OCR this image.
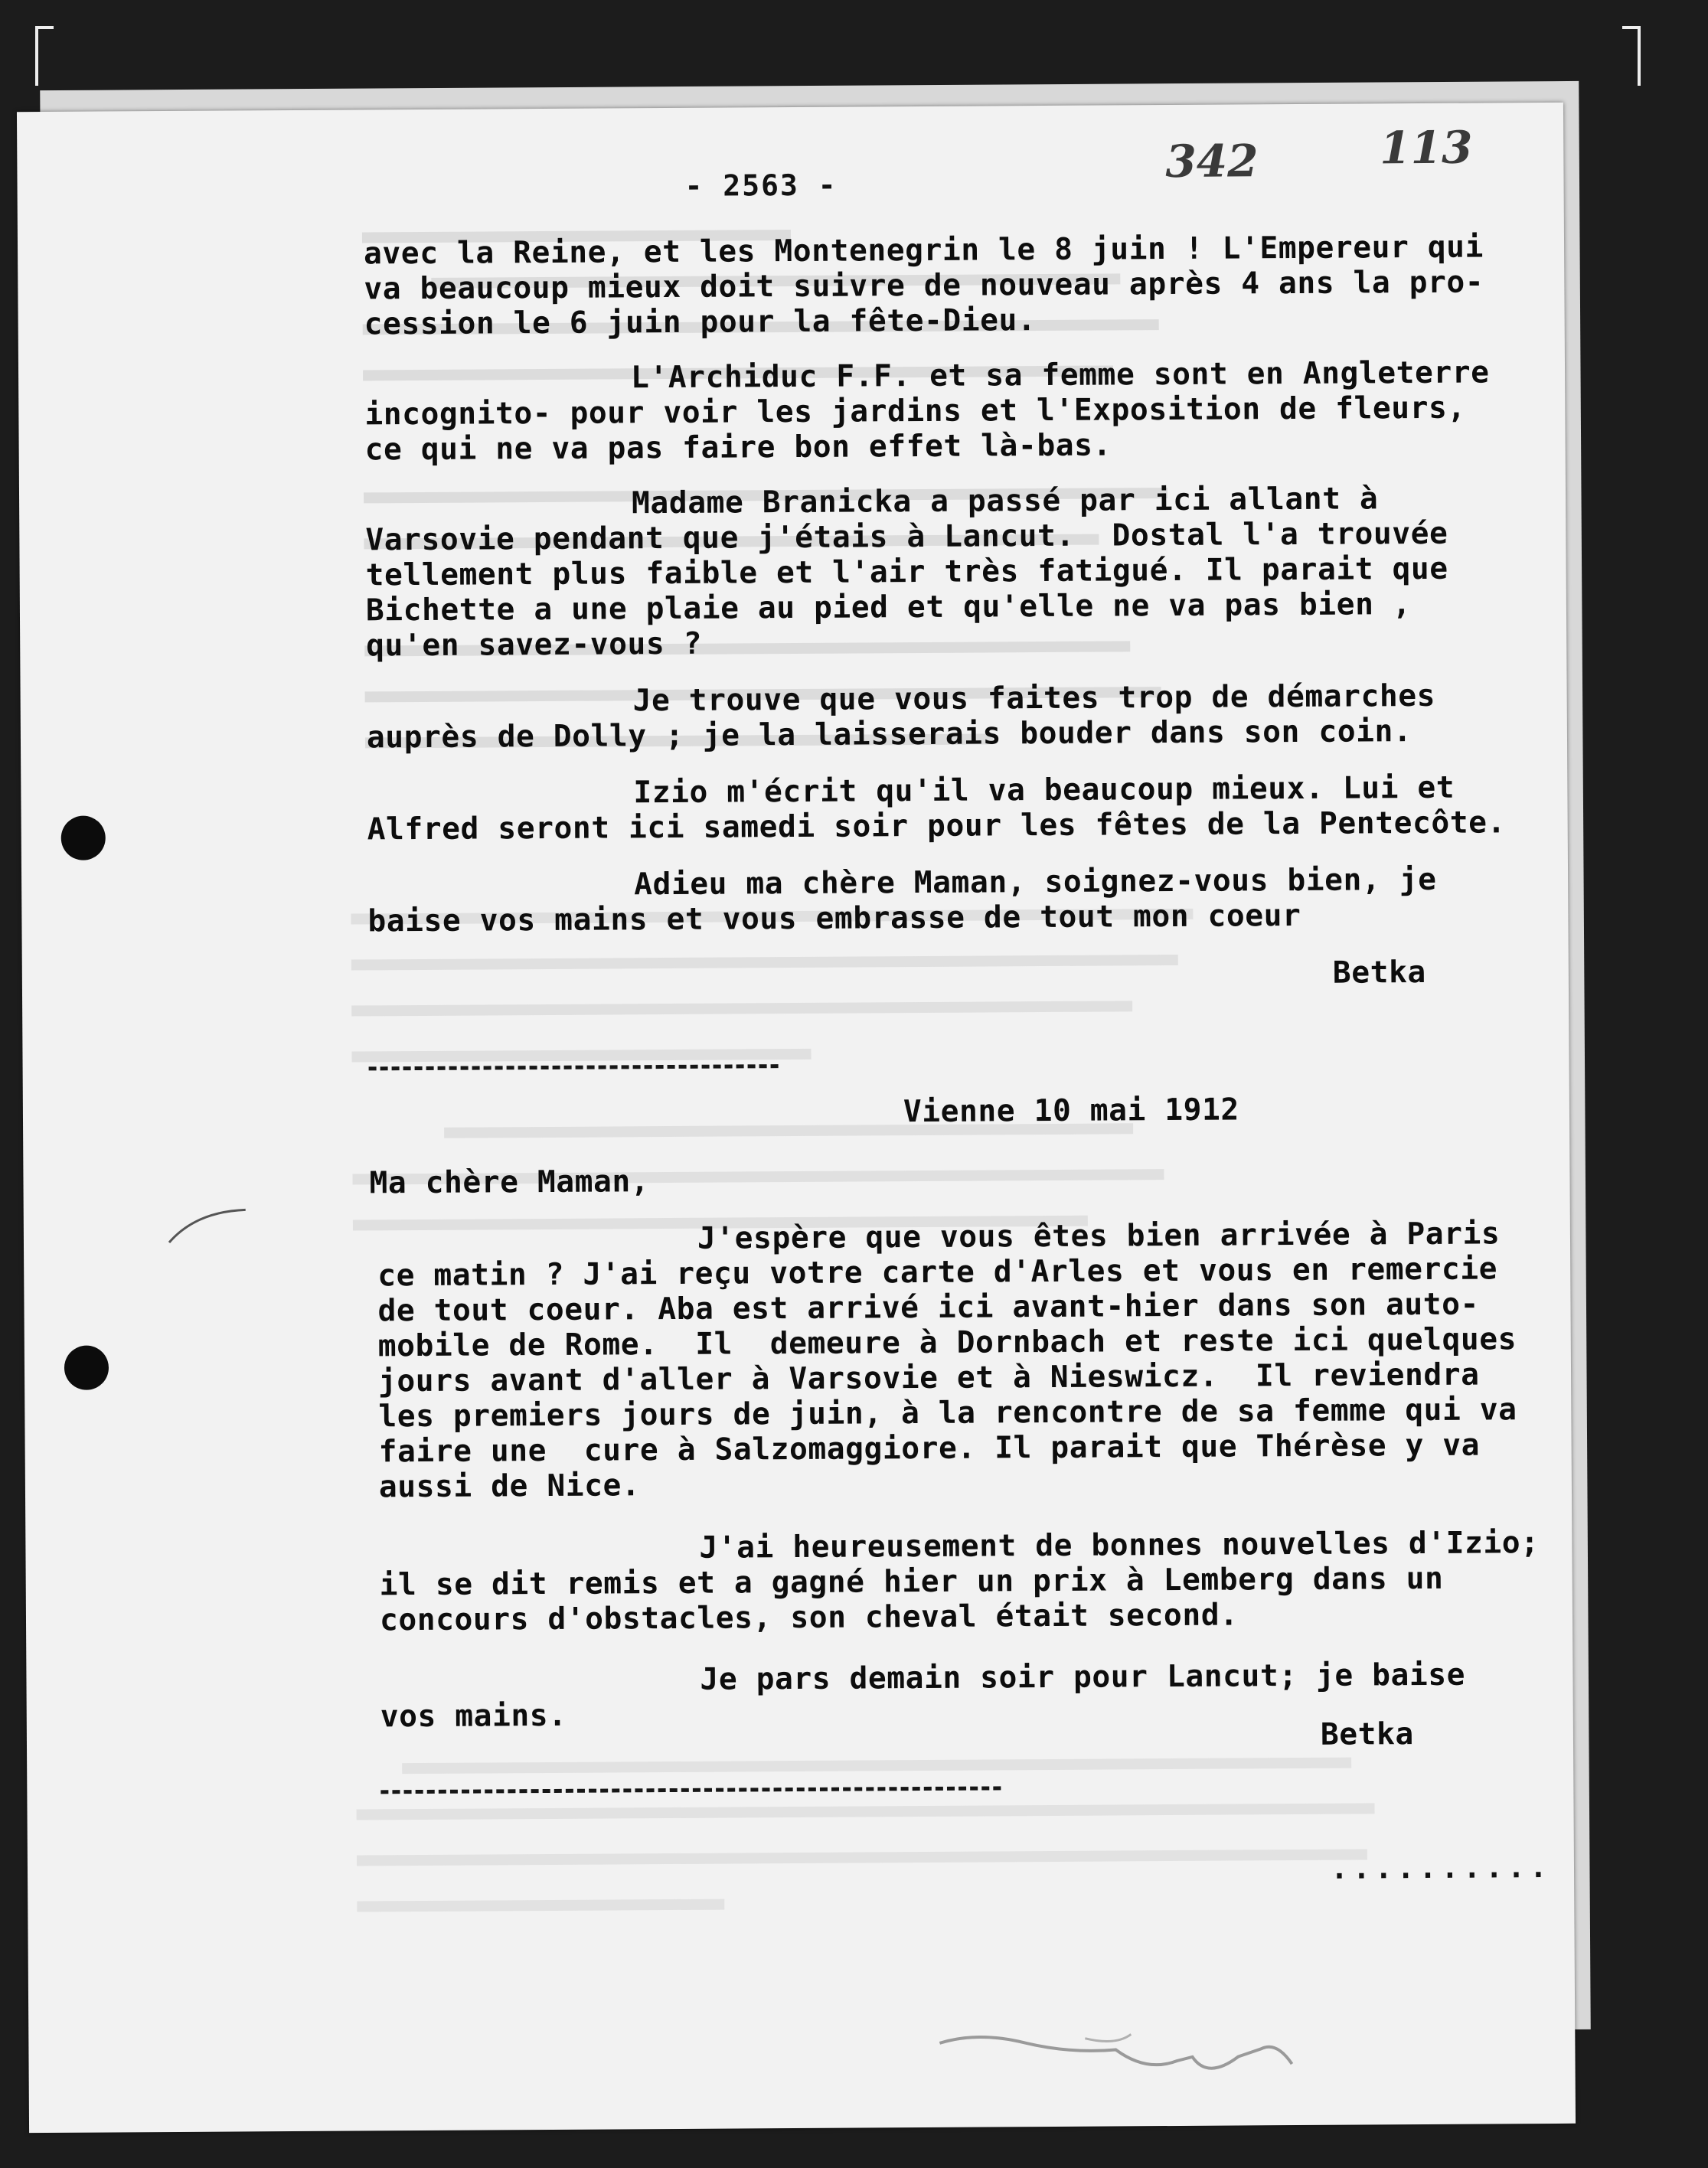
342	113
- 2563 -
avec la Reine, et les Montenegrin le 8 juin ! L'Empereur qui
va beaucoup mieux doit suivre de nouveau après 4 ans la pro-
cession le 6 juin pour la fête-Dieu.
L'Archiduc F.F. et sa femme sont en Angleterre
incognito- pour voir les jardins et l'Exposition de fleurs,
ce qui ne va pas faire bon effet là-bas.
Madame Branicka a passé par ici allant à
Varsovie pendant que j'étais à Lancut.  Dostal l'a trouvée
tellement plus faible et l'air très fatigué. Il parait que
Bichette a une plaie au pied et qu'elle ne va pas bien ,
qu'en savez-vous ?
Je trouve que vous faites trop de démarches
auprès de Dolly ; je la laisserais bouder dans son coin.
Izio m'écrit qu'il va beaucoup mieux. Lui et
Alfred seront ici samedi soir pour les fêtes de la Pentecôte.
Adieu ma chère Maman, soignez-vous bien, je
baise vos mains et vous embrasse de tout mon coeur
Betka
Vienne 10 mai 1912
Ma chère Maman,
J'espère que vous êtes bien arrivée à Paris
ce matin ? J'ai reçu votre carte d'Arles et vous en remercie
de tout coeur. Aba est arrivé ici avant-hier dans son auto-
mobile de Rome.  Il  demeure à Dornbach et reste ici quelques
jours avant d'aller à Varsovie et à Nieswicz.  Il reviendra
les premiers jours de juin, à la rencontre de sa femme qui va
faire une  cure à Salzomaggiore. Il parait que Thérèse y va
aussi de Nice.
J'ai heureusement de bonnes nouvelles d'Izio;
il se dit remis et a gagné hier un prix à Lemberg dans un
concours d'obstacles, son cheval était second.
Je pars demain soir pour Lancut; je baise
vos mains.
Betka
..........
